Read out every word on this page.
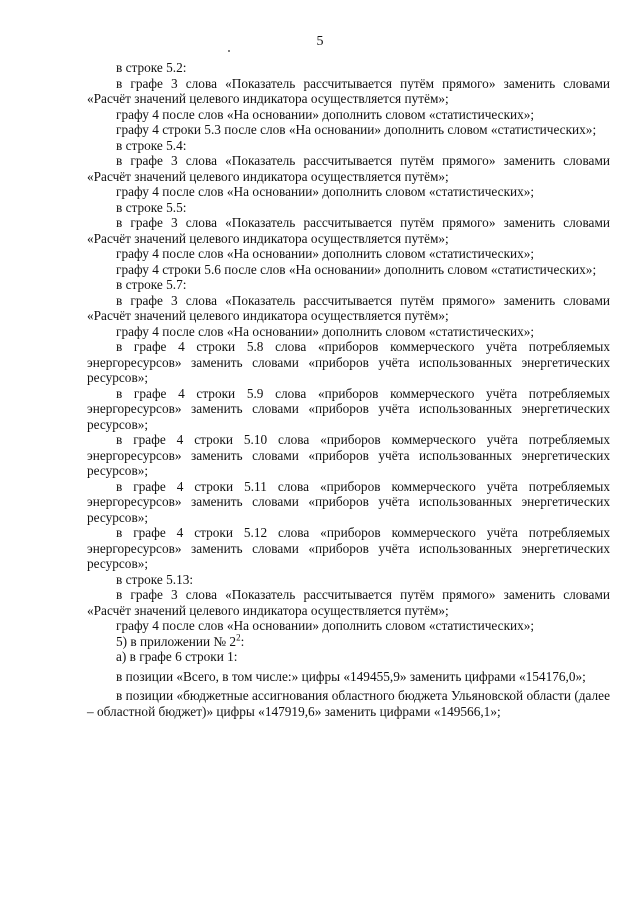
5

в строке 5.2:

в графе 3 слова «Показатель рассчитывается путём прямого» заменить словами «Расчёт значений целевого индикатора осуществляется путём»;

графу 4 после слов «На основании» дополнить словом «статистических»;

графу 4 строки 5.3 после слов «На основании» дополнить словом «статистических»;

в строке 5.4:

в графе 3 слова «Показатель рассчитывается путём прямого» заменить словами «Расчёт значений целевого индикатора осуществляется путём»;

графу 4 после слов «На основании» дополнить словом «статистических»;

в строке 5.5:

в графе 3 слова «Показатель рассчитывается путём прямого» заменить словами «Расчёт значений целевого индикатора осуществляется путём»;

графу 4 после слов «На основании» дополнить словом «статистических»;

графу 4 строки 5.6 после слов «На основании» дополнить словом «статистических»;

в строке 5.7:

в графе 3 слова «Показатель рассчитывается путём прямого» заменить словами «Расчёт значений целевого индикатора осуществляется путём»;

графу 4 после слов «На основании» дополнить словом «статистических»;

в графе 4 строки 5.8 слова «приборов коммерческого учёта потребляемых энергоресурсов» заменить словами «приборов учёта использованных энергетических ресурсов»;

в графе 4 строки 5.9 слова «приборов коммерческого учёта потребляемых энергоресурсов» заменить словами «приборов учёта использованных энергетических ресурсов»;

в графе 4 строки 5.10 слова «приборов коммерческого учёта потребляемых энергоресурсов» заменить словами «приборов учёта использованных энергетических ресурсов»;

в графе 4 строки 5.11 слова «приборов коммерческого учёта потребляемых энергоресурсов» заменить словами «приборов учёта использованных энергетических ресурсов»;

в графе 4 строки 5.12 слова «приборов коммерческого учёта потребляемых энергоресурсов» заменить словами «приборов учёта использованных энергетических ресурсов»;

в строке 5.13:

в графе 3 слова «Показатель рассчитывается путём прямого» заменить словами «Расчёт значений целевого индикатора осуществляется путём»;

графу 4 после слов «На основании» дополнить словом «статистических»;

5) в приложении № $2^2$:

а) в графе 6 строки 1:

в позиции «Всего, в том числе:» цифры «149455,9» заменить цифрами «154176,0»;

в позиции «бюджетные ассигнования областного бюджета Ульяновской области (далее – областной бюджет)» цифры «147919,6» заменить цифрами «149566,1»;
